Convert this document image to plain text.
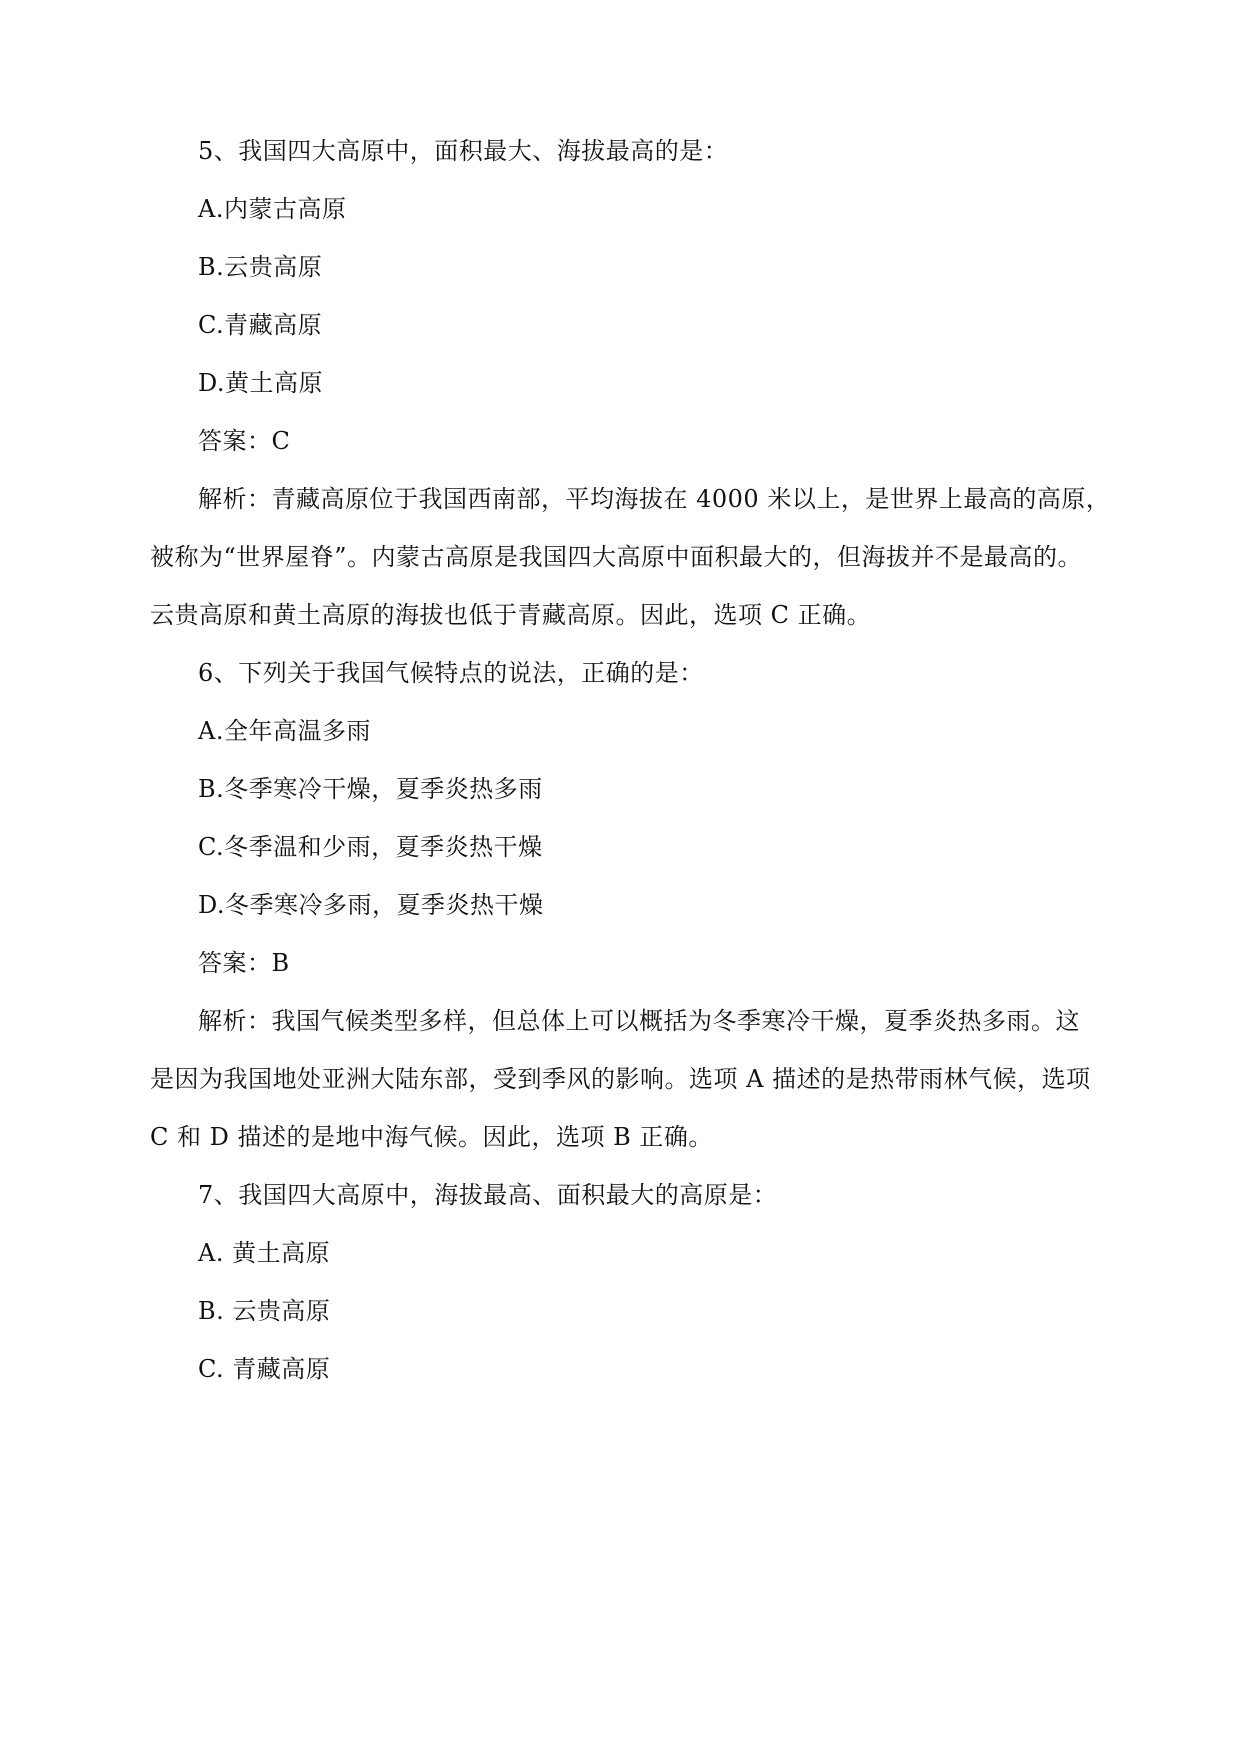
5、我国四大高原中，面积最大、海拔最高的是：
A.内蒙古高原
B.云贵高原
C.青藏高原
D.黄土高原
答案：C
解析：青藏高原位于我国西南部，平均海拔在 4000 米以上，是世界上最高的高原，
被称为“世界屋脊”。内蒙古高原是我国四大高原中面积最大的，但海拔并不是最高的。
云贵高原和黄土高原的海拔也低于青藏高原。因此，选项 C 正确。
6、下列关于我国气候特点的说法，正确的是：
A.全年高温多雨
B.冬季寒冷干燥，夏季炎热多雨
C.冬季温和少雨，夏季炎热干燥
D.冬季寒冷多雨，夏季炎热干燥
答案：B
解析：我国气候类型多样，但总体上可以概括为冬季寒冷干燥，夏季炎热多雨。这
是因为我国地处亚洲大陆东部，受到季风的影响。选项 A 描述的是热带雨林气候，选项
C 和 D 描述的是地中海气候。因此，选项 B 正确。
7、我国四大高原中，海拔最高、面积最大的高原是：
A. 黄土高原
B. 云贵高原
C. 青藏高原
